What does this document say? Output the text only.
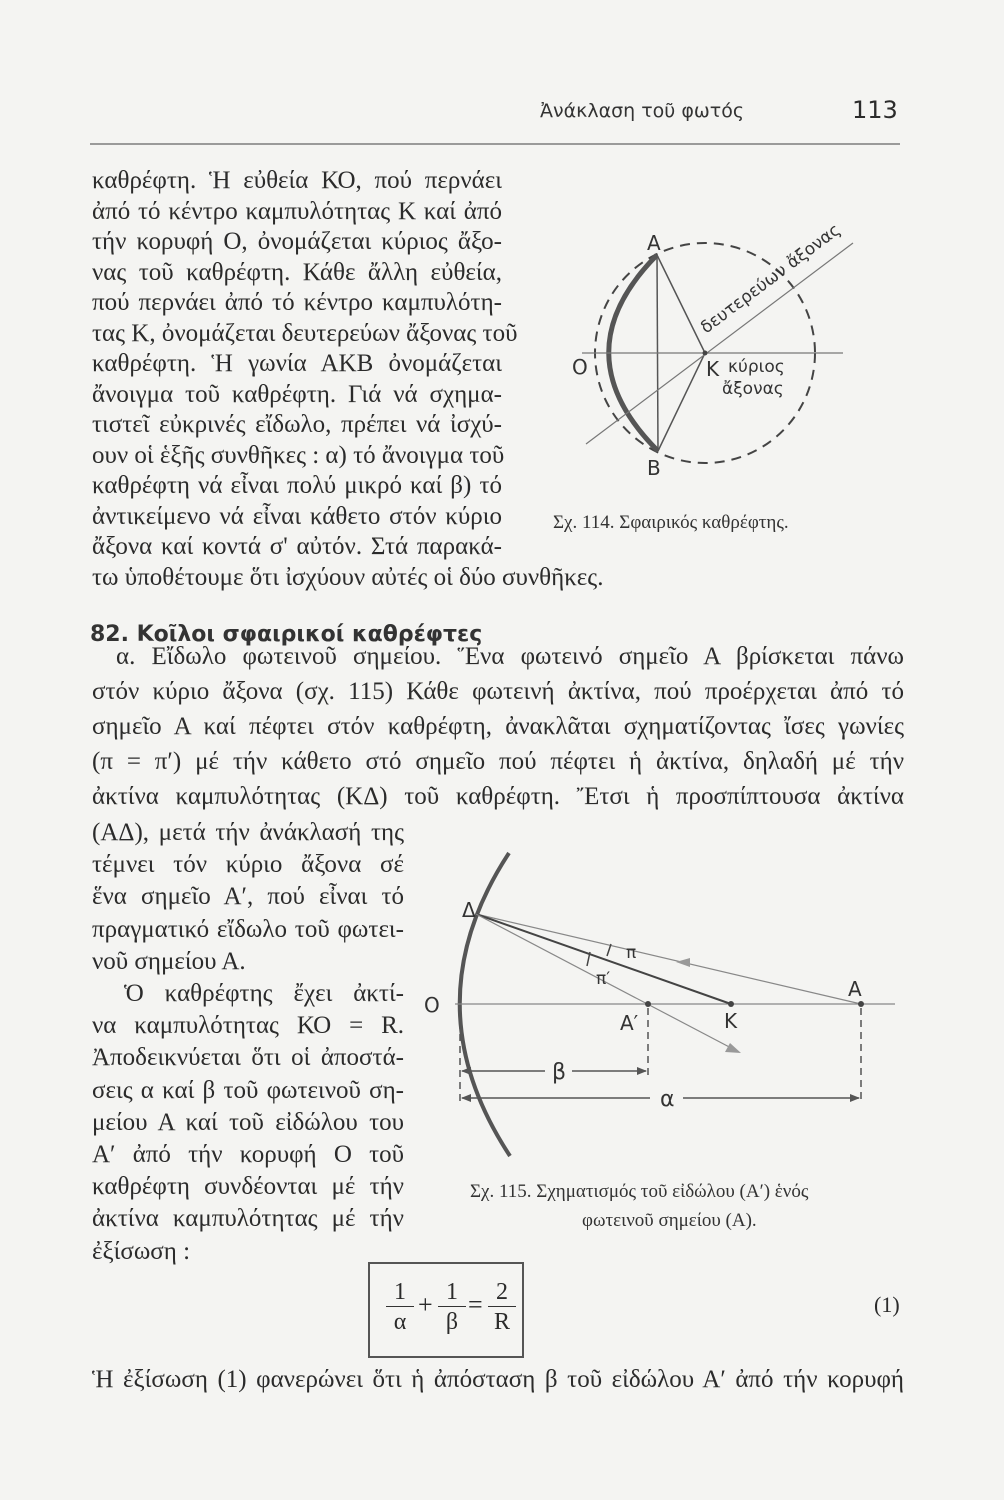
Ἀνάκλαση τοῦ φωτός	113
καθρέφτη. Ἡ εὐθεία ΚΟ, πού περνάει
ἀπό τό κέντρο καμπυλότητας Κ καί ἀπό
τήν κορυφή Ο, ὀνομάζεται κύριος ἄξο-
νας τοῦ καθρέφτη. Κάθε ἄλλη εὐθεία,
πού περνάει ἀπό τό κέντρο καμπυλότη-
τας Κ, ὀνομάζεται δευτερεύων ἄξονας τοῦ
καθρέφτη. Ἡ γωνία ΑΚΒ ὀνομάζεται
ἄνοιγμα τοῦ καθρέφτη. Γιά νά σχημα-
τιστεῖ εὐκρινές εἴδωλο, πρέπει νά ἰσχύ-
ουν οἱ ἑξῆς συνθῆκες : α) τό ἄνοιγμα τοῦ
καθρέφτη νά εἶναι πολύ μικρό καί β) τό
ἀντικείμενο νά εἶναι κάθετο στόν κύριο
ἄξονα καί κοντά σ' αὐτόν. Στά παρακά-
τω ὑποθέτουμε ὅτι ἰσχύουν αὐτές οἱ δύο συνθῆκες.
Α
Β
Ο	Κ
δευτερεύων ἄξονας
κύριος
ἄξονας
Δ
Ο
Α′	Κ
Α
π
π′
β
α
Σχ. 114. Σφαιρικός καθρέφτης.
82. Κοῖλοι σφαιρικοί καθρέφτες
α. Εἴδωλο φωτεινοῦ σημείου. Ἕνα φωτεινό σημεῖο Α βρίσκεται πάνω
στόν κύριο ἄξονα (σχ. 115) Κάθε φωτεινή ἀκτίνα, πού προέρχεται ἀπό τό
σημεῖο Α καί πέφτει στόν καθρέφτη, ἀνακλᾶται σχηματίζοντας ἴσες γωνίες
(π = π′) μέ τήν κάθετο στό σημεῖο πού πέφτει ἡ ἀκτίνα, δηλαδή μέ τήν
ἀκτίνα καμπυλότητας (ΚΔ) τοῦ καθρέφτη. Ἔτσι ἡ προσπίπτουσα ἀκτίνα
(ΑΔ), μετά τήν ἀνάκλασή της
τέμνει τόν κύριο ἄξονα σέ
ἕνα σημεῖο Α′, πού εἶναι τό
πραγματικό εἴδωλο τοῦ φωτει-
νοῦ σημείου Α.
Ὁ καθρέφτης ἔχει ἀκτί-
να καμπυλότητας ΚΟ = R.
Ἀποδεικνύεται ὅτι οἱ ἀποστά-
σεις α καί β τοῦ φωτεινοῦ ση-
μείου Α καί τοῦ εἰδώλου του
Α′ ἀπό τήν κορυφή Ο τοῦ
καθρέφτη συνδέονται μέ τήν
ἀκτίνα καμπυλότητας μέ τήν
ἐξίσωση :
Σχ. 115. Σχηματισμός τοῦ εἰδώλου (Α′) ἑνός
φωτεινοῦ σημείου (Α).
$\frac{1}{\alpha} + \frac{1}{\beta} = \frac{2}{R}$	(1)
Ἡ ἐξίσωση (1) φανερώνει ὅτι ἡ ἀπόσταση β τοῦ εἰδώλου Α′ ἀπό τήν κορυφή
